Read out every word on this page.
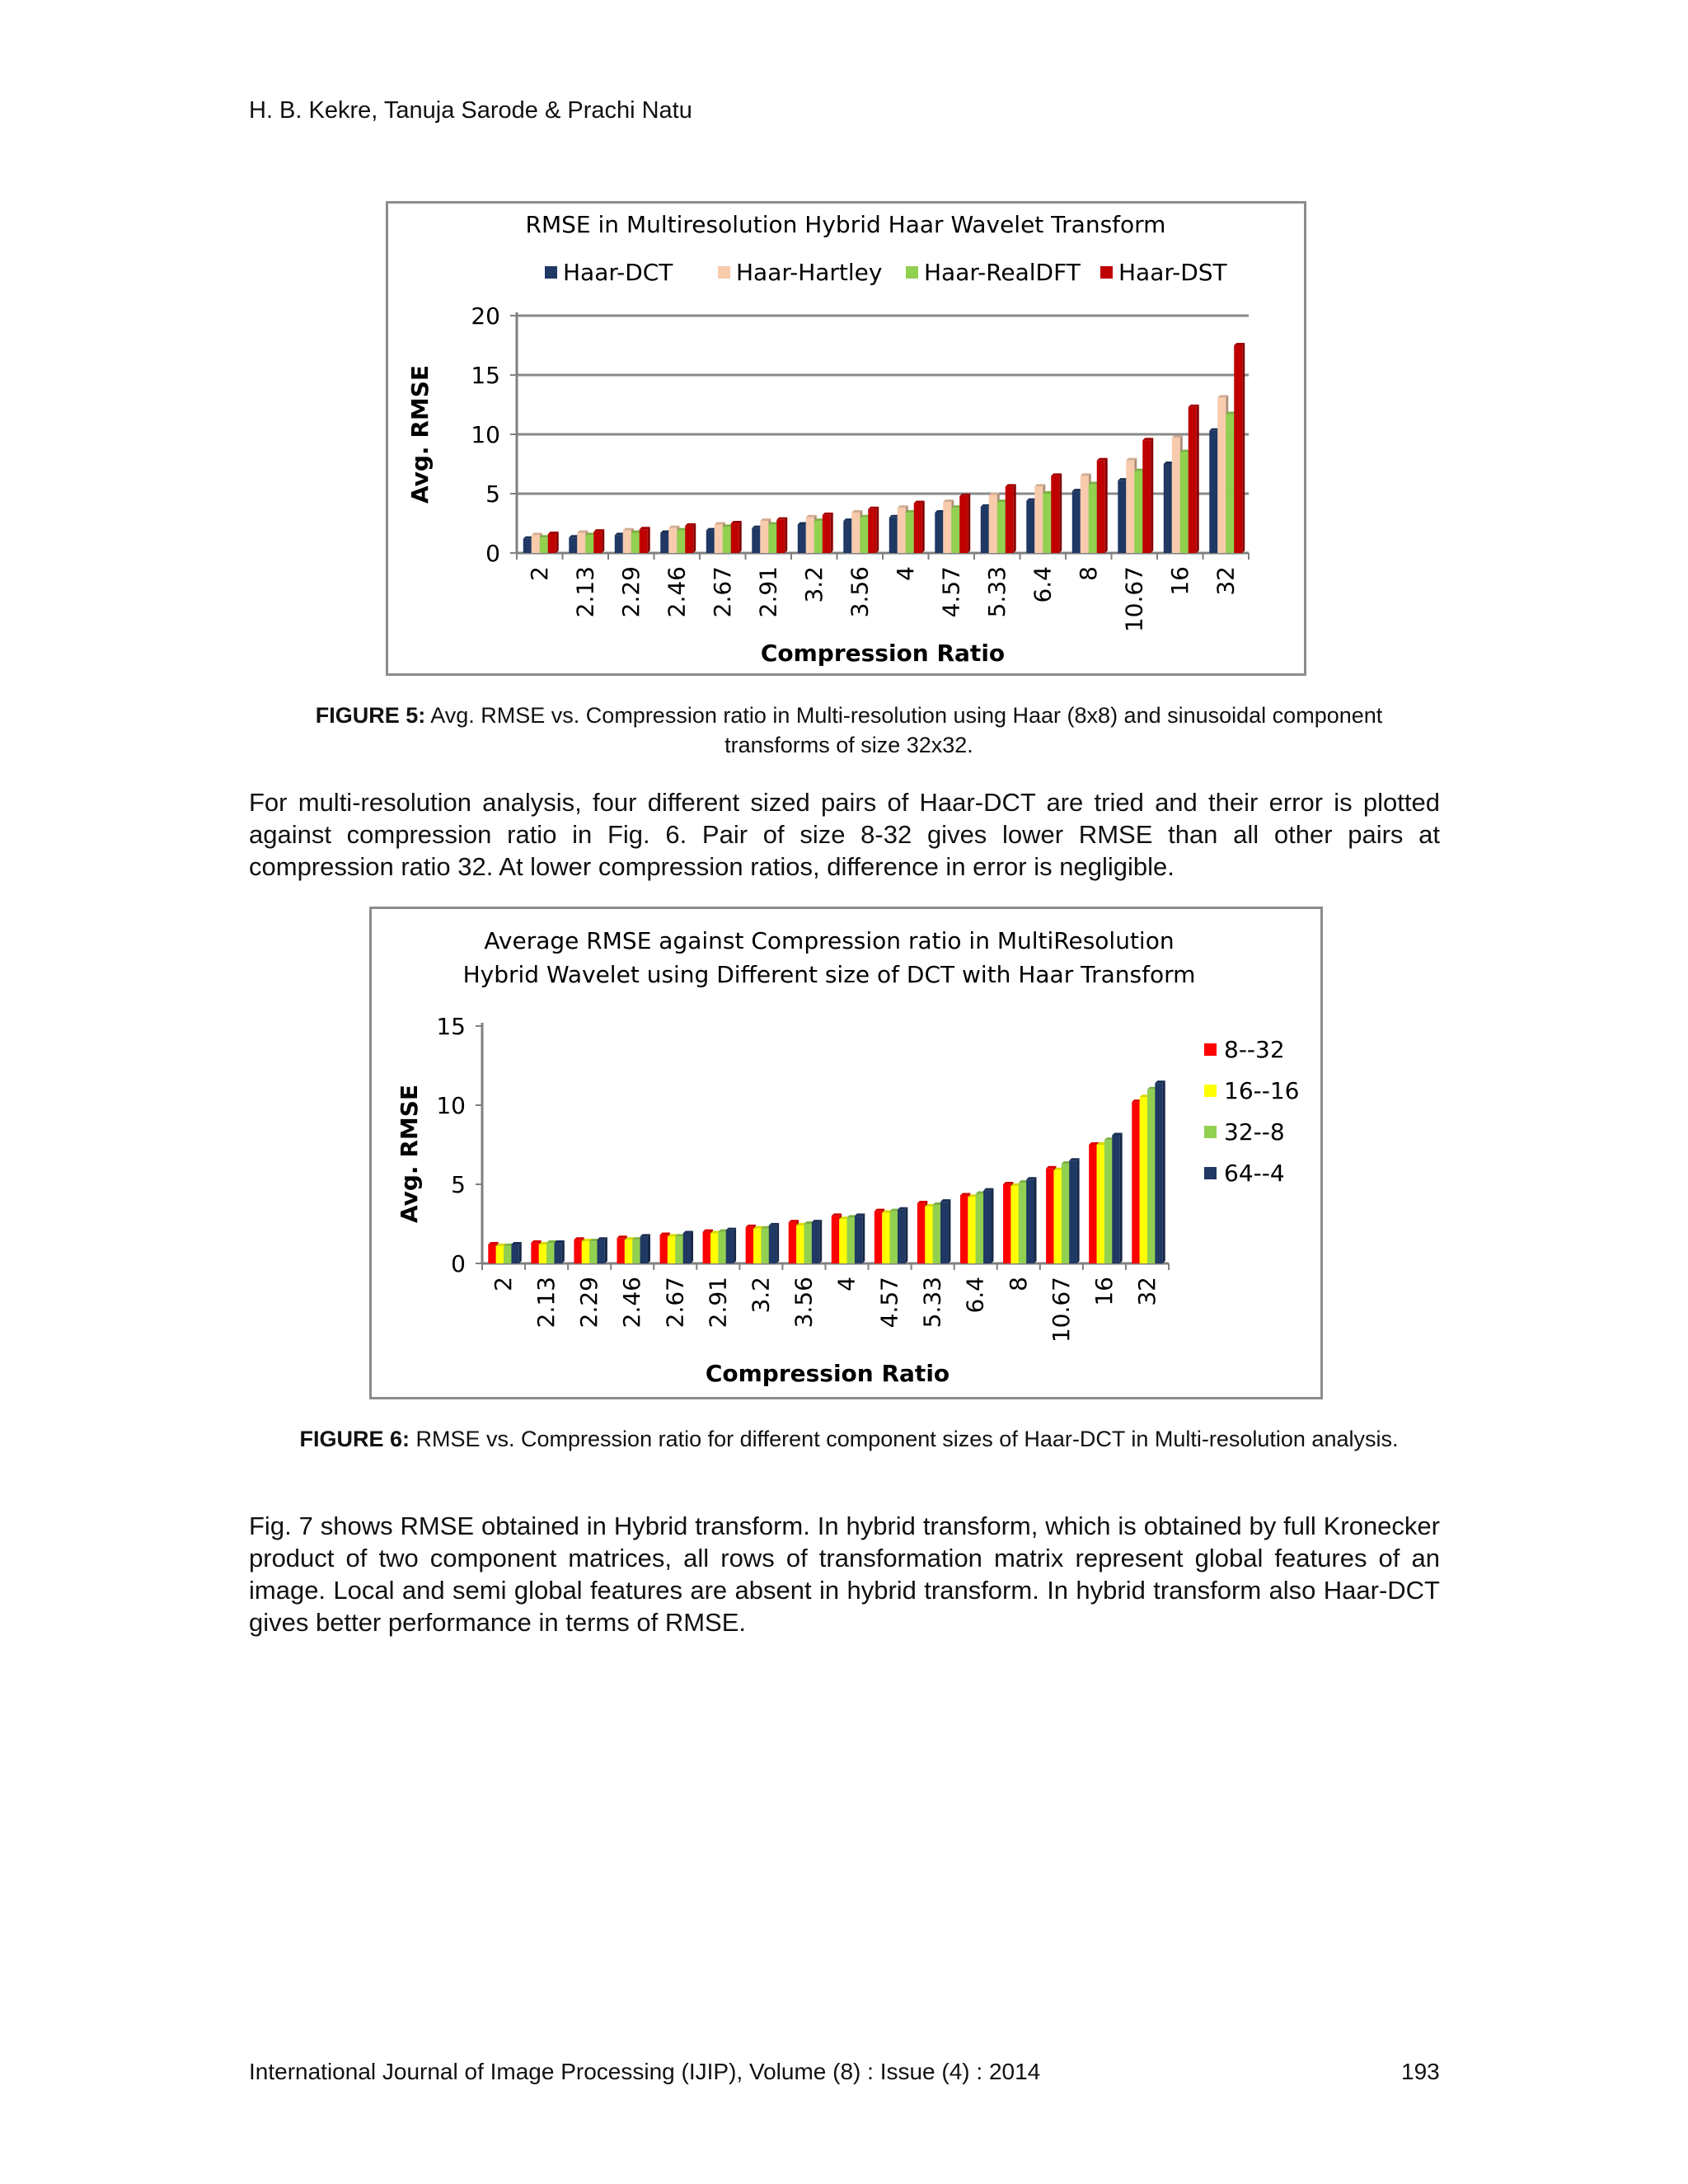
H. B. Kekre, Tanuja Sarode & Prachi Natu
RMSE in Multiresolution Hybrid Haar Wavelet Transform
0
5
10
15
20
2 2.13 2.29 2.46 2.67 2.91 3.2 3.56 4 4.57 5.33 6.4 8 10.67 16 32
Compression Ratio
Avg. RMSE
Haar-DCT	Haar-Hartley Haar-RealDFT Haar-DST
FIGURE 5: Avg. RMSE vs. Compression ratio in Multi-resolution using Haar (8x8) and sinusoidal component transforms of size 32x32.
For multi-resolution analysis, four different sized pairs of Haar-DCT are tried and their error is plotted against compression ratio in Fig. 6. Pair of size 8-32 gives lower RMSE than all other pairs at compression ratio 32. At lower compression ratios, difference in error is negligible.
Average RMSE against Compression ratio in MultiResolution
Hybrid Wavelet using Different size of DCT with Haar Transform
0
5
10
15
2 2.13 2.29 2.46 2.67 2.91 3.2 3.56 4 4.57 5.33 6.4 8 10.67 16 32
Compression Ratio
Avg. RMSE
8--32
16--16
32--8
64--4
FIGURE 6: RMSE vs. Compression ratio for different component sizes of Haar-DCT in Multi-resolution analysis.
Fig. 7 shows RMSE obtained in Hybrid transform. In hybrid transform, which is obtained by full Kronecker product of two component matrices, all rows of transformation matrix represent global features of an image. Local and semi global features are absent in hybrid transform. In hybrid transform also Haar-DCT gives better performance in terms of RMSE.
International Journal of Image Processing (IJIP), Volume (8) : Issue (4) : 2014	193
